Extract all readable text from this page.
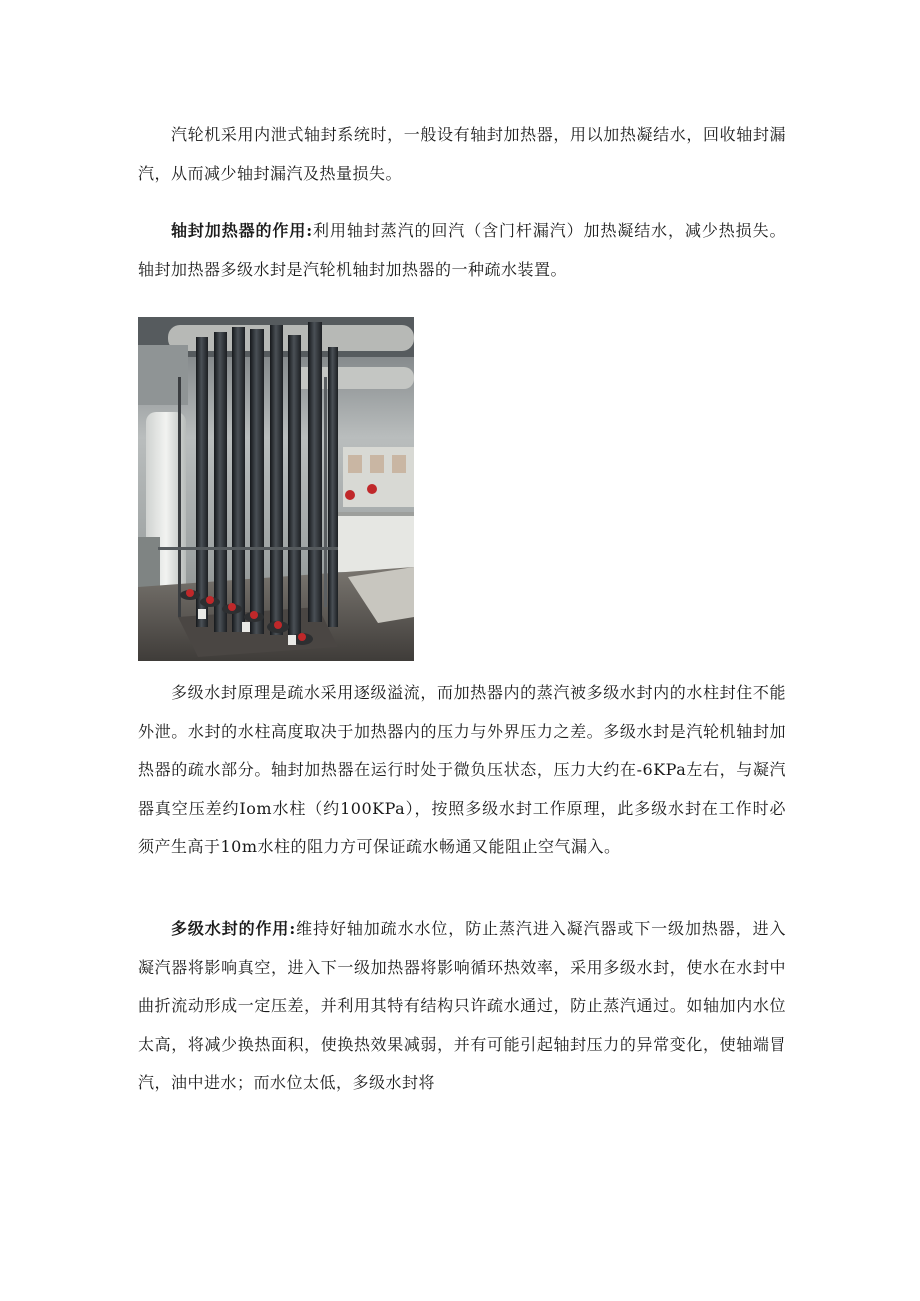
汽轮机采用内泄式轴封系统时，一般设有轴封加热器，用以加热凝结水，回收轴封漏汽，从而减少轴封漏汽及热量损失。

轴封加热器的作用:利用轴封蒸汽的回汽（含门杆漏汽）加热凝结水，减少热损失。轴封加热器多级水封是汽轮机轴封加热器的一种疏水装置。

多级水封原理是疏水采用逐级溢流，而加热器内的蒸汽被多级水封内的水柱封住不能外泄。水封的水柱高度取决于加热器内的压力与外界压力之差。多级水封是汽轮机轴封加热器的疏水部分。轴封加热器在运行时处于微负压状态，压力大约在-6KPa左右，与凝汽器真空压差约Iom水柱（约100KPa），按照多级水封工作原理，此多级水封在工作时必须产生高于10m水柱的阻力方可保证疏水畅通又能阻止空气漏入。

多级水封的作用:维持好轴加疏水水位，防止蒸汽进入凝汽器或下一级加热器，进入凝汽器将影响真空，进入下一级加热器将影响循环热效率，采用多级水封，使水在水封中曲折流动形成一定压差，并利用其特有结构只许疏水通过，防止蒸汽通过。如轴加内水位太高，将减少换热面积，使换热效果减弱，并有可能引起轴封压力的异常变化，使轴端冒汽，油中进水；而水位太低，多级水封将
